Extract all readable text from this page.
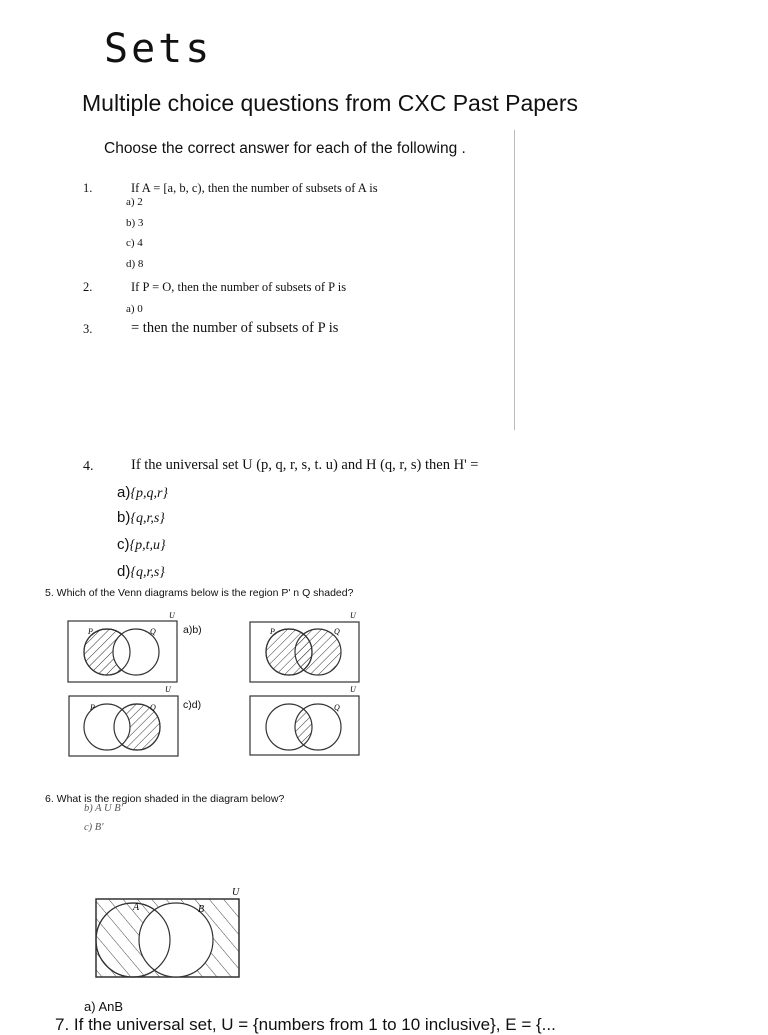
Sets
Multiple choice questions from CXC Past Papers
Choose the correct answer for each of the following .
1.	If A = [a, b, c), then the number of subsets of A is
a) 2
b) 3
c) 4
d) 8
2.	If P = O, then the number of subsets of P is
a) 0
3.	= then the number of subsets of P is
4.	If the universal set U (p, q, r, s, t. u) and H (q, r, s) then H' =
a){p,q,r}
b){q,r,s}
c){p,t,u}
d){q,r,s}
5. Which of the Venn diagrams below is the region P' n Q shaded?
P	Q
U
P	Q
U
P	Q
U
Q
U
A	B
U
a)b)
c)d)
6. What is the region shaded in the diagram below?
b) A U B'
c) B'
a) AnB
7. If the universal set, U = {numbers from 1 to 10 inclusive}, E = {...
